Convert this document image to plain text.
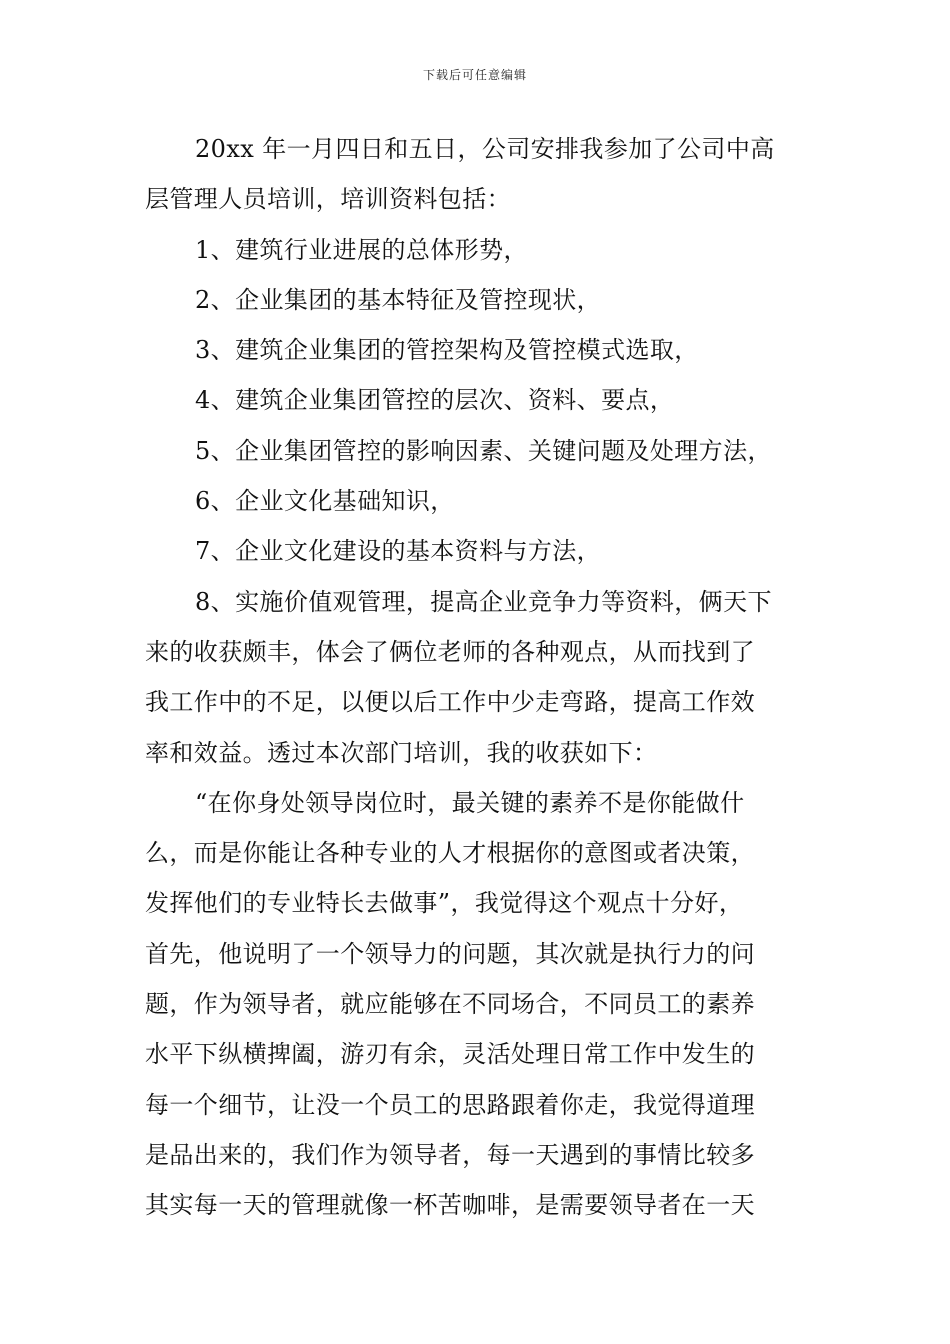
下载后可任意编辑
20xx 年一月四日和五日，公司安排我参加了公司中高
层管理人员培训，培训资料包括：
1、建筑行业进展的总体形势，
2、企业集团的基本特征及管控现状，
3、建筑企业集团的管控架构及管控模式选取，
4、建筑企业集团管控的层次、资料、要点，
5、企业集团管控的影响因素、关键问题及处理方法，
6、企业文化基础知识，
7、企业文化建设的基本资料与方法，
8、实施价值观管理，提高企业竞争力等资料，俩天下
来的收获颇丰，体会了俩位老师的各种观点，从而找到了
我工作中的不足，以便以后工作中少走弯路，提高工作效
率和效益。透过本次部门培训，我的收获如下：
“在你身处领导岗位时，最关键的素养不是你能做什
么，而是你能让各种专业的人才根据你的意图或者决策，
发挥他们的专业特长去做事”，我觉得这个观点十分好，
首先，他说明了一个领导力的问题，其次就是执行力的问
题，作为领导者，就应能够在不同场合，不同员工的素养
水平下纵横捭阖，游刃有余，灵活处理日常工作中发生的
每一个细节，让没一个员工的思路跟着你走，我觉得道理
是品出来的，我们作为领导者，每一天遇到的事情比较多
其实每一天的管理就像一杯苦咖啡，是需要领导者在一天
